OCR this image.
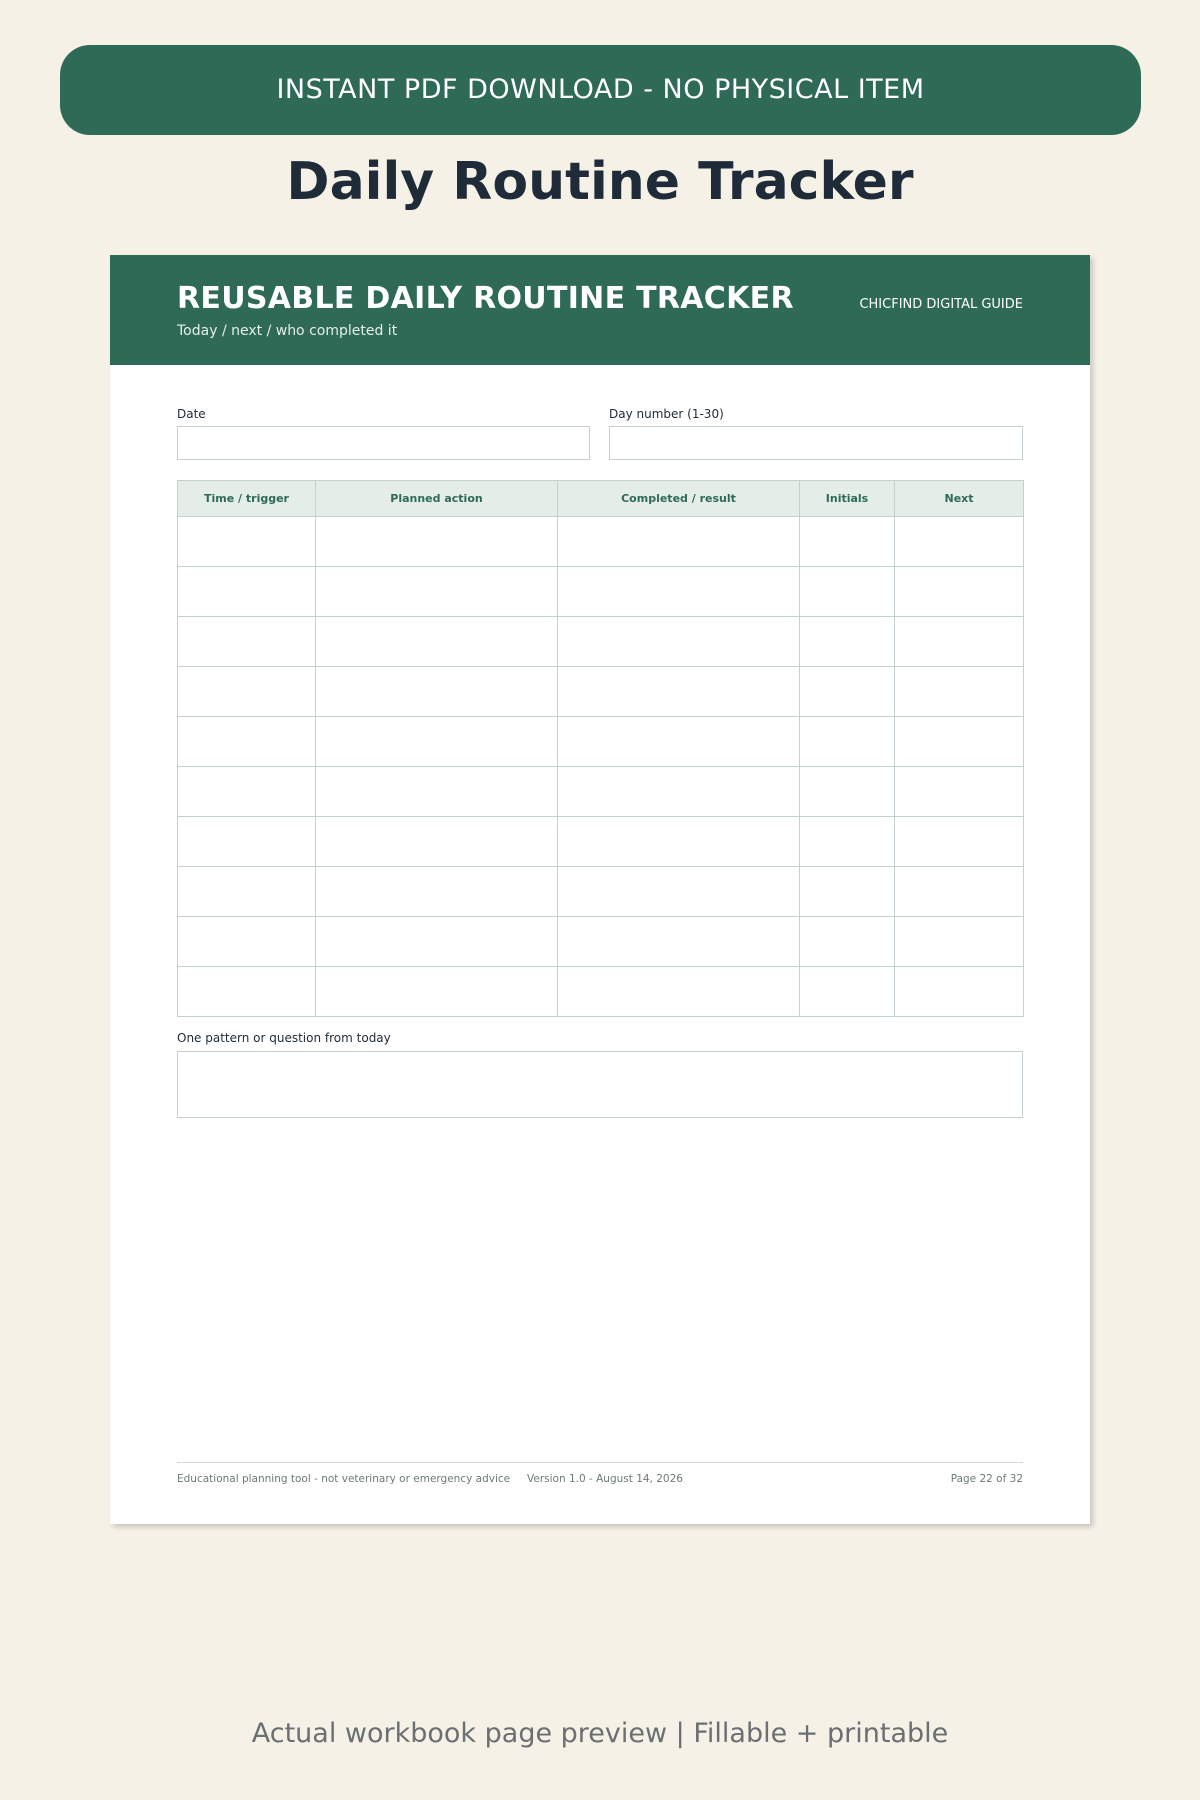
INSTANT PDF DOWNLOAD - NO PHYSICAL ITEM
Daily Routine Tracker
REUSABLE DAILY ROUTINE TRACKER
Today / next / who completed it
CHICFIND DIGITAL GUIDE
Date	Day number (1-30)
Time / trigger	Planned action	Completed / result	Initials	Next

One pattern or question from today
Educational planning tool - not veterinary or emergency advice Version 1.0 - August 14, 2026	Page 22 of 32
Actual workbook page preview | Fillable + printable
